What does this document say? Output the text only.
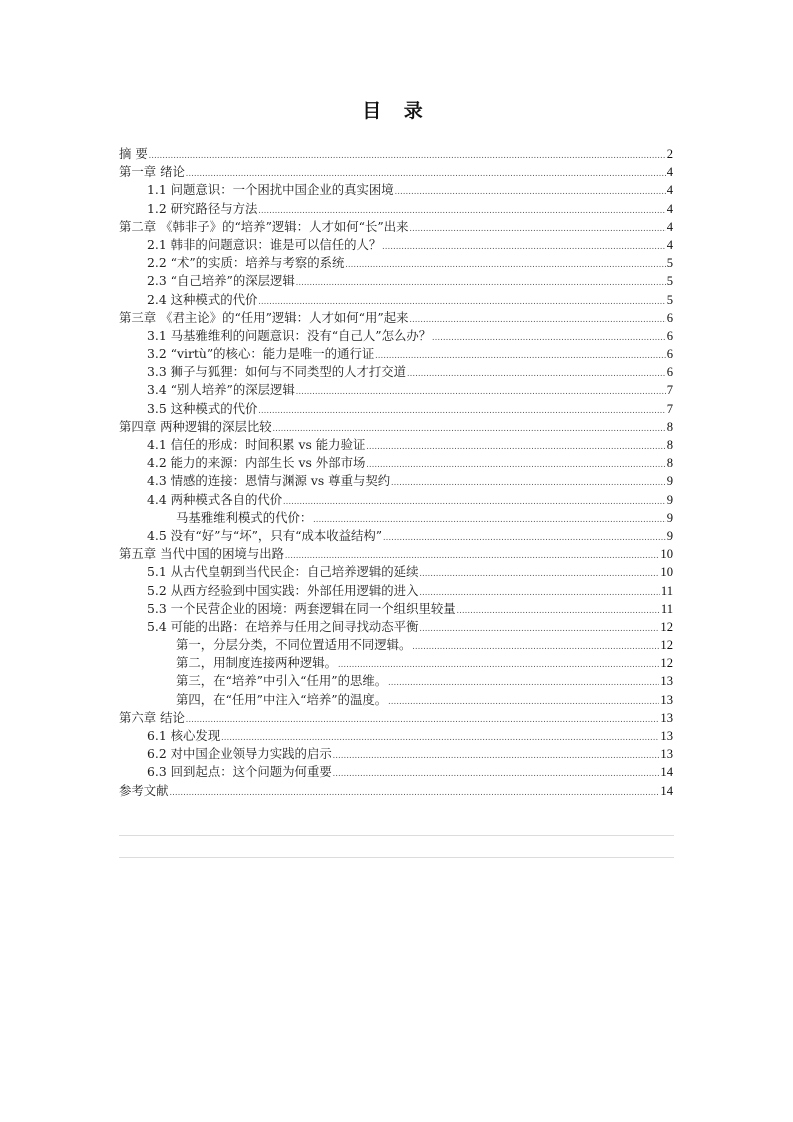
目 录
摘 要 .....	2
第一章 绪论 .....	4
1.1 问题意识：一个困扰中国企业的真实困境 .....	4
1.2 研究路径与方法 .....	4
第二章 《韩非子》的“培养”逻辑：人才如何“长”出来 .....	4
2.1 韩非的问题意识：谁是可以信任的人？ .....	4
2.2 “术”的实质：培养与考察的系统 .....	5
2.3 “自己培养”的深层逻辑 .....	5
2.4 这种模式的代价 .....	5
第三章 《君主论》的“任用”逻辑：人才如何“用”起来 .....	6
3.1 马基雅维利的问题意识：没有“自己人”怎么办？ .....	6
3.2 “virtù”的核心：能力是唯一的通行证 .....	6
3.3 狮子与狐狸：如何与不同类型的人才打交道 .....	6
3.4 “别人培养”的深层逻辑 .....	7
3.5 这种模式的代价 .....	7
第四章 两种逻辑的深层比较 .....	8
4.1 信任的形成：时间积累 vs 能力验证 .....	8
4.2 能力的来源：内部生长 vs 外部市场 .....	8
4.3 情感的连接：恩情与渊源 vs 尊重与契约 .....	9
4.4 两种模式各自的代价 .....	9
马基雅维利模式的代价： .....	9
4.5 没有“好”与“坏”，只有“成本收益结构” .....	9
第五章 当代中国的困境与出路 .....	10
5.1 从古代皇朝到当代民企：自己培养逻辑的延续 .....	10
5.2 从西方经验到中国实践：外部任用逻辑的进入 .....	11
5.3 一个民营企业的困境：两套逻辑在同一个组织里较量 .....	11
5.4 可能的出路：在培养与任用之间寻找动态平衡 .....	12
第一，分层分类，不同位置适用不同逻辑。 .....	12
第二，用制度连接两种逻辑。 .....	12
第三，在“培养”中引入“任用”的思维。 .....	13
第四，在“任用”中注入“培养”的温度。 .....	13
第六章 结论 .....	13
6.1 核心发现 .....	13
6.2 对中国企业领导力实践的启示 .....	13
6.3 回到起点：这个问题为何重要 .....	14
参考文献 .....	14
